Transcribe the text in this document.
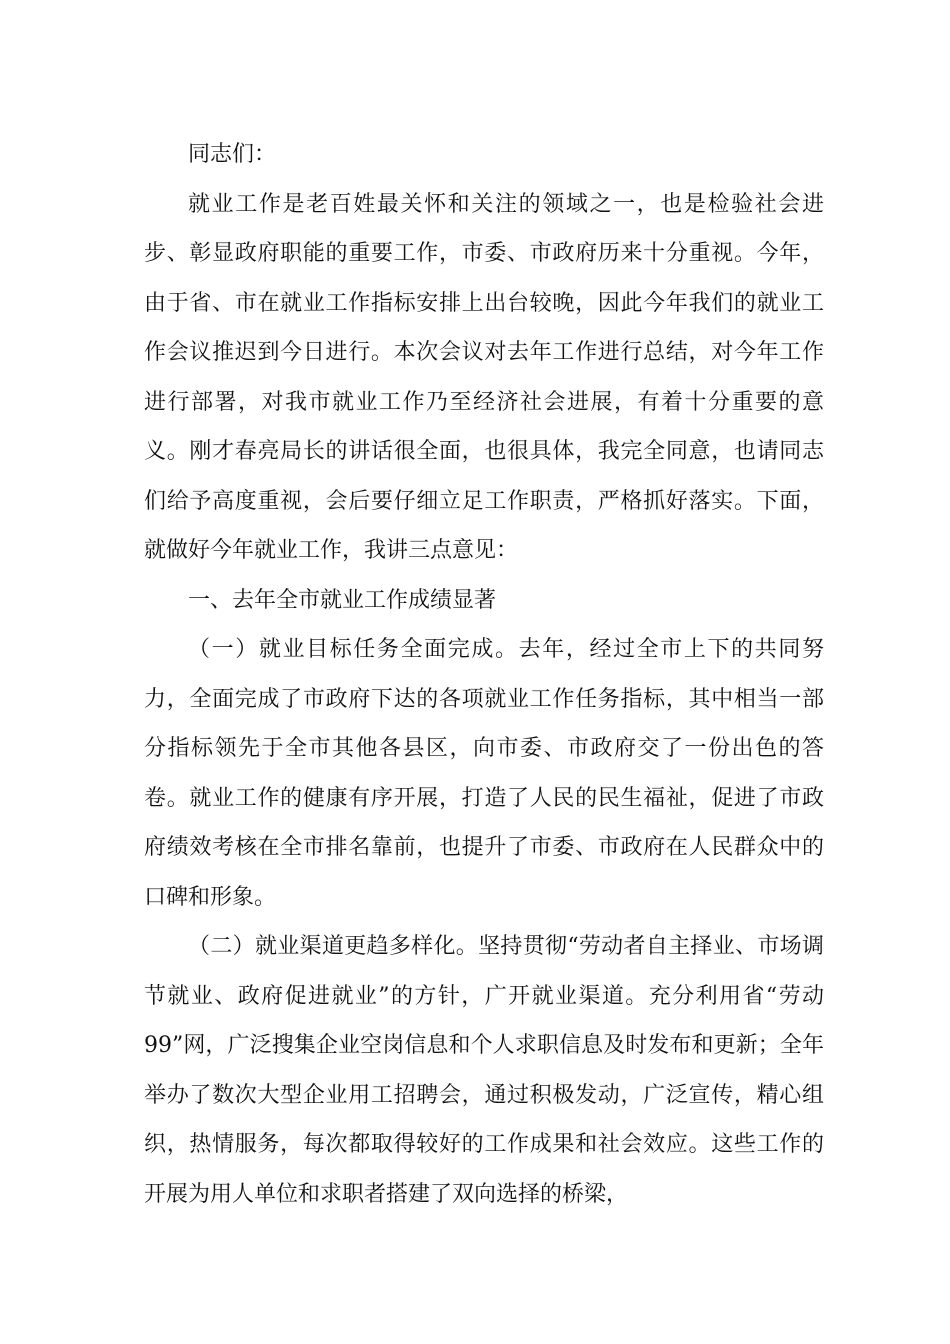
同志们：

就业工作是老百姓最关怀和关注的领域之一，也是检验社会进步、彰显政府职能的重要工作，市委、市政府历来十分重视。今年，由于省、市在就业工作指标安排上出台较晚，因此今年我们的就业工作会议推迟到今日进行。本次会议对去年工作进行总结，对今年工作进行部署，对我市就业工作乃至经济社会进展，有着十分重要的意义。刚才春亮局长的讲话很全面，也很具体，我完全同意，也请同志们给予高度重视，会后要仔细立足工作职责，严格抓好落实。下面，就做好今年就业工作，我讲三点意见：

一、去年全市就业工作成绩显著

（一）就业目标任务全面完成。去年，经过全市上下的共同努力，全面完成了市政府下达的各项就业工作任务指标，其中相当一部分指标领先于全市其他各县区，向市委、市政府交了一份出色的答卷。就业工作的健康有序开展，打造了人民的民生福祉，促进了市政府绩效考核在全市排名靠前，也提升了市委、市政府在人民群众中的口碑和形象。

（二）就业渠道更趋多样化。坚持贯彻“劳动者自主择业、市场调节就业、政府促进就业”的方针，广开就业渠道。充分利用省“劳动99”网，广泛搜集企业空岗信息和个人求职信息及时发布和更新；全年举办了数次大型企业用工招聘会，通过积极发动，广泛宣传，精心组织，热情服务，每次都取得较好的工作成果和社会效应。这些工作的开展为用人单位和求职者搭建了双向选择的桥梁，
